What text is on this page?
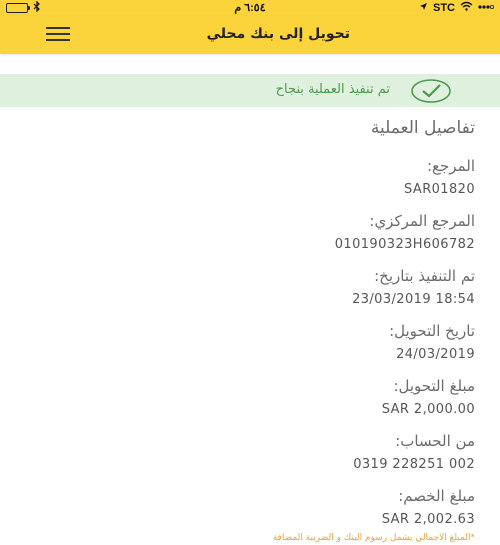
٦:٥٤ م	STC
تحويل إلى بنك محلي
تم تنفيذ العملية بنجاح
تفاصيل العملية
المرجع:
SAR01820
المرجع المركزي:
010190323H606782
تم التنفيذ بتاريخ:
23/03/2019 18:54
تاريخ التحويل:
24/03/2019
مبلغ التحويل:
SAR 2,000.00
من الحساب:
0319 228251 002
مبلغ الخصم:
SAR 2,002.63
*المبلغ الاجمالي يشمل رسوم البنك و الضريبة المضافة
